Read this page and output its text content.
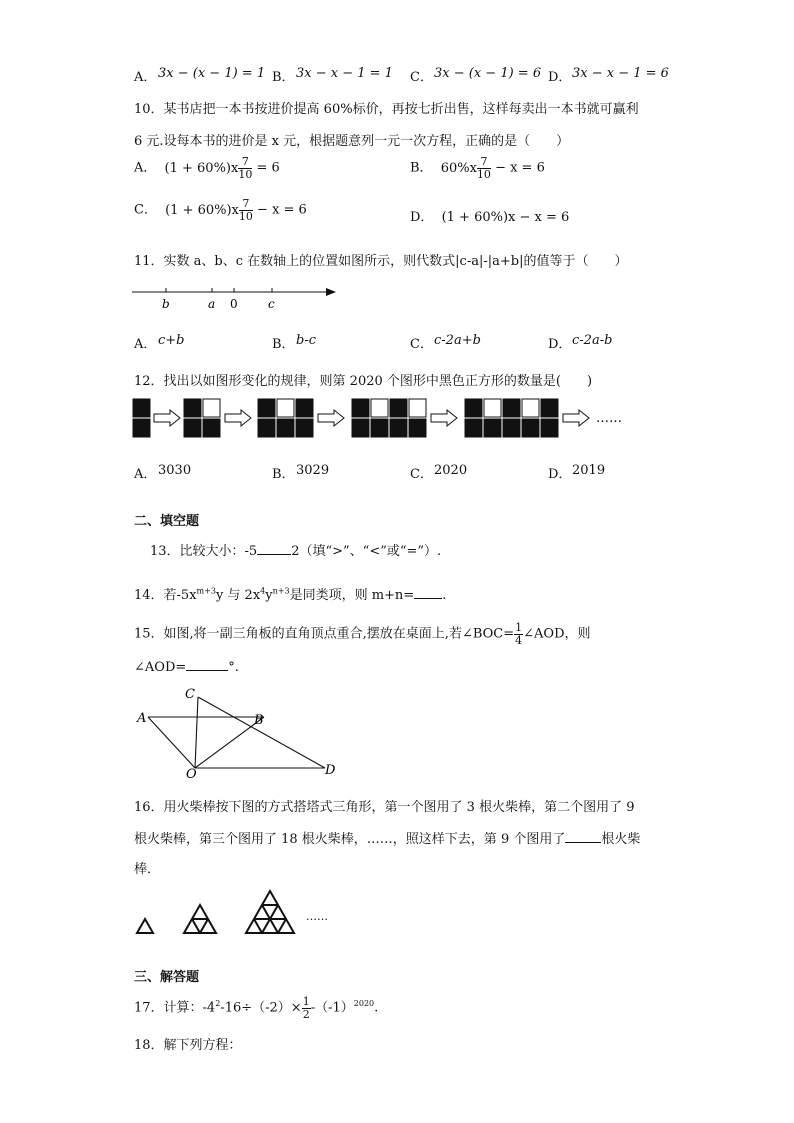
A． 3x − (x − 1) = 1 B． 3x − x − 1 = 1 C． 3x − (x − 1) = 6 D． 3x − x − 1 = 6
10．某书店把一本书按进价提高 60%标价，再按七折出售，这样每卖出一本书就可赢利
6 元.设每本书的进价是 x 元，根据题意列一元一次方程，正确的是（　　）
A． $(1 + 60\%)x \frac{7}{10} = 6$	B． $60\%x \frac{7}{10} - x = 6$
C． $(1 + 60\%)x \frac{7}{10} - x = 6$	D． (1 + 60%)x − x = 6
11．实数 a、b、c 在数轴上的位置如图所示，则代数式|c-a|-|a+b|的值等于（　　）
b	a 0	c
A． c+b	B． b-c	C． c-2a+b	D． c-2a-b
12．找出以如图形变化的规律，则第 2020 个图形中黑色正方形的数量是(　　)
……
A． 3030	B． 3029	C． 2020	D． 2019
二、填空题
13．比较大小：-5	2（填“>”、“<”或“=”）.
14．若$-5x^{m+3}y$ 与 $2x^4y^{n+3}$是同类项，则 m+n= .
15．如图,将一副三角板的直角顶点重合,摆放在桌面上,若∠BOC= $\frac{1}{4}$ ∠AOD，则
∠AOD=	°.
C
A	B
O	D
16．用火柴棒按下图的方式搭塔式三角形，第一个图用了 3 根火柴棒，第二个图用了 9
根火柴棒，第三个图用了 18 根火柴棒，……，照这样下去，第 9 个图用了	根火柴
棒．
……
三、解答题
17．计算：$-4^2-16\div(-2)\times \frac{1}{2} -(-1)^{2020}$.
18．解下列方程：
